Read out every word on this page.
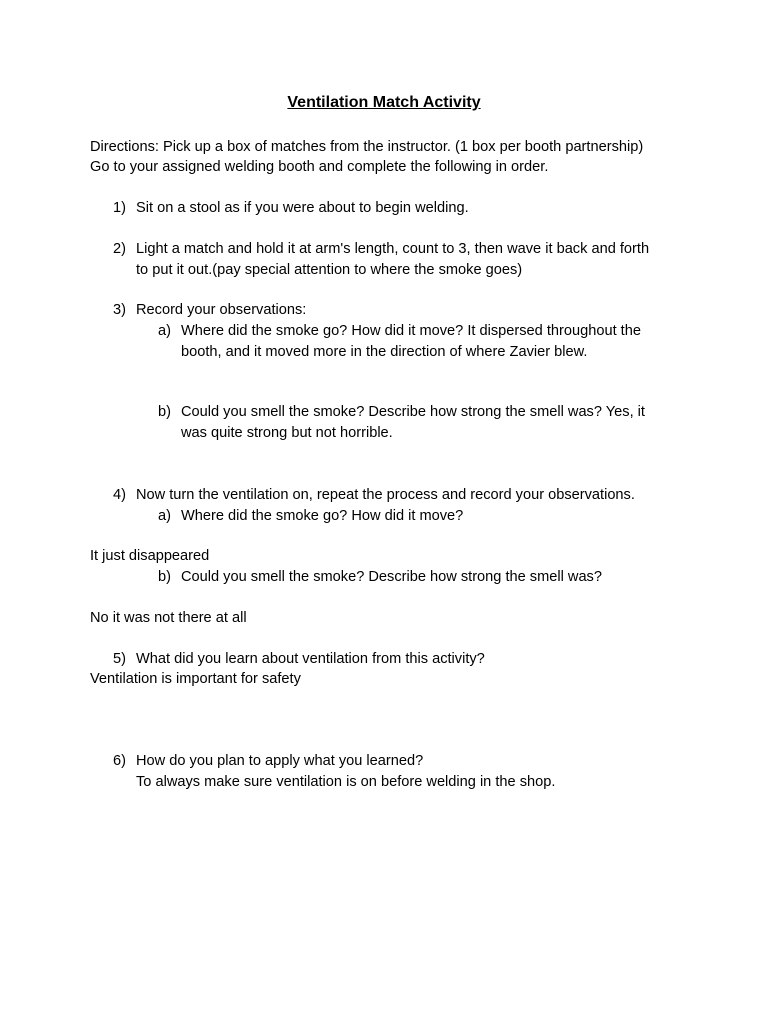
Ventilation Match Activity
Directions: Pick up a box of matches from the instructor. (1 box per booth partnership)
Go to your assigned welding booth and complete the following in order.
1) Sit on a stool as if you were about to begin welding.
2) Light a match and hold it at arm's length, count to 3, then wave it back and forth
to put it out.(pay special attention to where the smoke goes)
3) Record your observations:
a) Where did the smoke go? How did it move? It dispersed throughout the
booth, and it moved more in the direction of where Zavier blew.
b) Could you smell the smoke? Describe how strong the smell was? Yes, it
was quite strong but not horrible.
4) Now turn the ventilation on, repeat the process and record your observations.
a) Where did the smoke go? How did it move?
It just disappeared
b) Could you smell the smoke? Describe how strong the smell was?
No it was not there at all
5) What did you learn about ventilation from this activity?
Ventilation is important for safety
6) How do you plan to apply what you learned?
To always make sure ventilation is on before welding in the shop.
